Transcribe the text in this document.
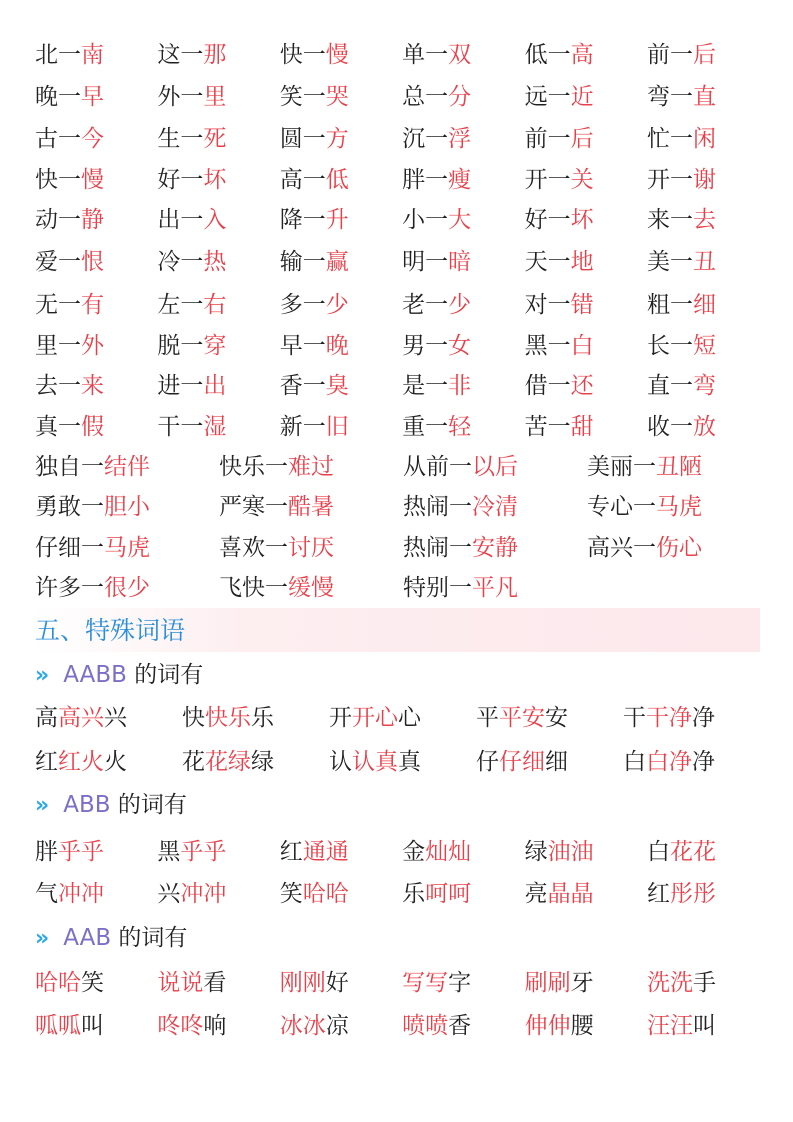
五、特殊词语
北一南	这一那	快一慢	单一双	低一高	前一后
晚一早	外一里	笑一哭	总一分	远一近	弯一直
古一今	生一死	圆一方	沉一浮	前一后	忙一闲
快一慢	好一坏	高一低	胖一瘦	开一关	开一谢
动一静	出一入	降一升	小一大	好一坏	来一去
爱一恨	冷一热	输一赢	明一暗	天一地	美一丑
无一有	左一右	多一少	老一少	对一错	粗一细
里一外	脱一穿	早一晚	男一女	黑一白	长一短
去一来	进一出	香一臭	是一非	借一还	直一弯
真一假	干一湿	新一旧	重一轻	苦一甜	收一放
独自一结伴	快乐一难过	从前一以后	美丽一丑陋
勇敢一胆小	严寒一酷暑	热闹一冷清	专心一马虎
仔细一马虎	喜欢一讨厌	热闹一安静	高兴一伤心
许多一很少	飞快一缓慢	特别一平凡
» AABB 的词有
高高兴兴	快快乐乐	开开心心	平平安安	干干净净
红红火火	花花绿绿	认认真真	仔仔细细	白白净净
» ABB 的词有
胖乎乎	黑乎乎	红通通	金灿灿	绿油油	白花花
气冲冲	兴冲冲	笑哈哈	乐呵呵	亮晶晶	红彤彤
» AAB 的词有
哈哈笑	说说看	刚刚好	写写字	刷刷牙	洗洗手
呱呱叫	咚咚响	冰冰凉	喷喷香	伸伸腰	汪汪叫
